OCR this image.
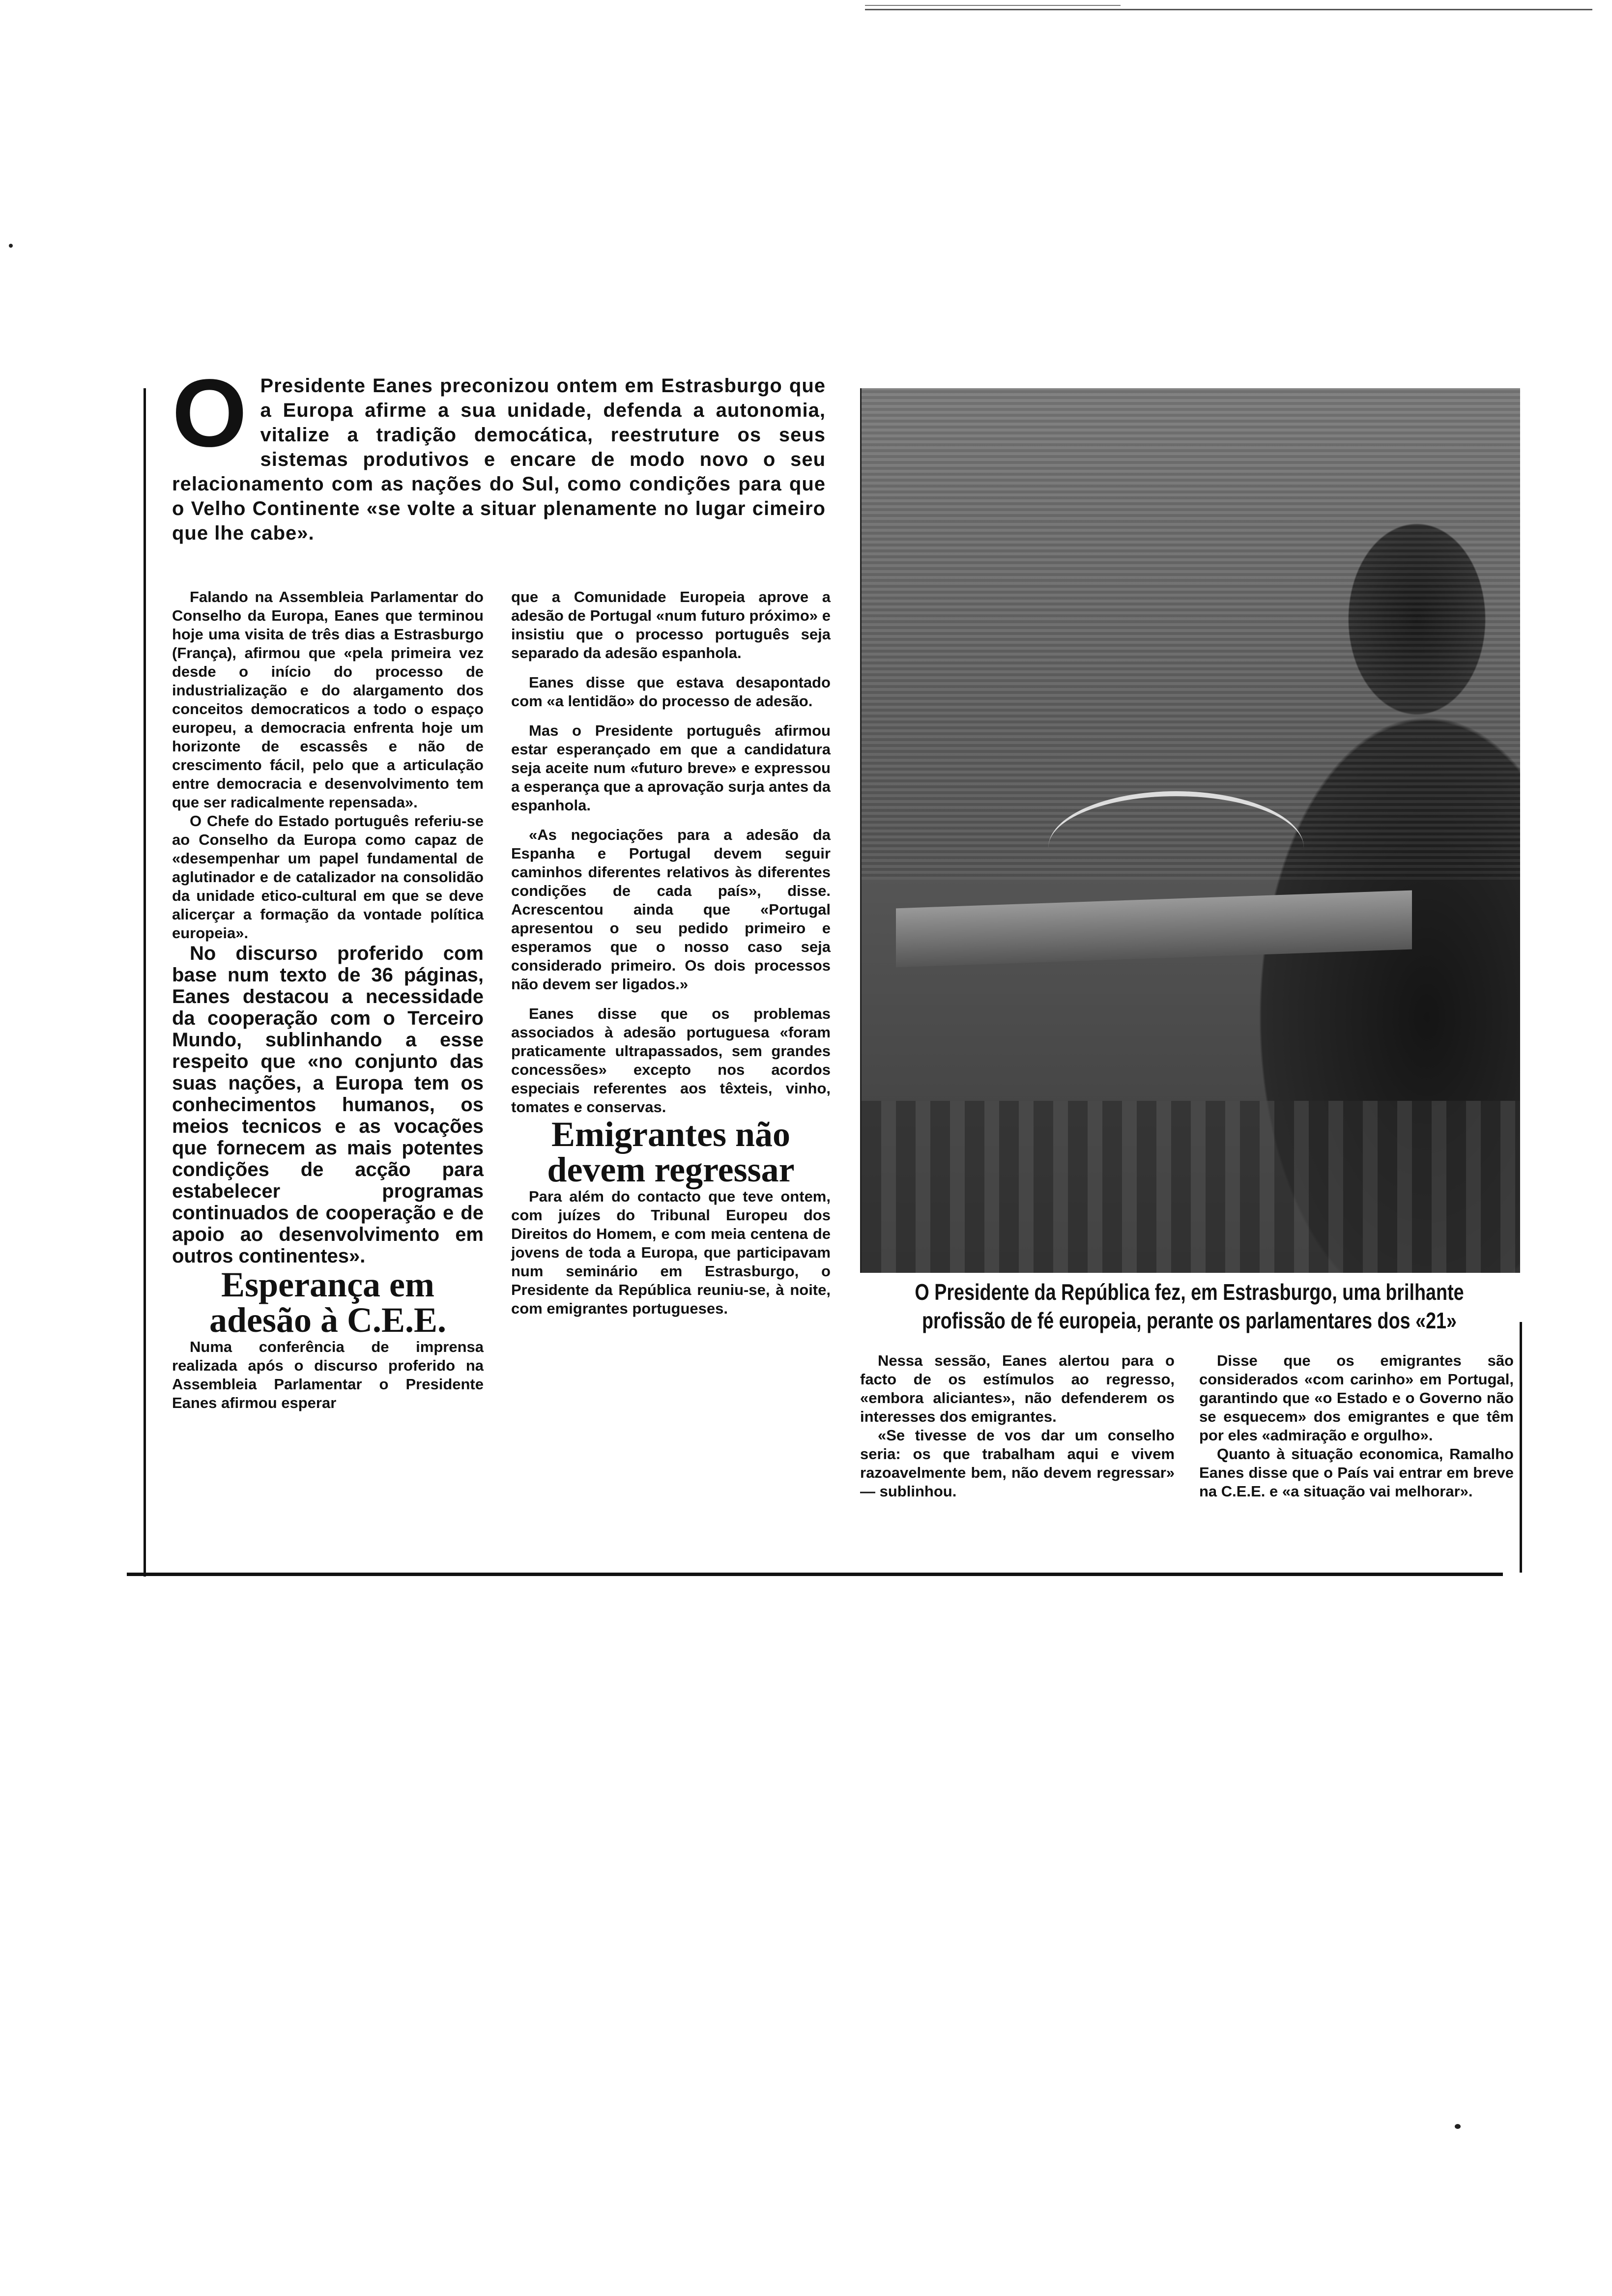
O Presidente Eanes preconizou ontem em Estrasburgo que a Europa afirme a sua unidade, defenda a autonomia, vitalize a tradição democática, reestruture os seus sistemas produtivos e encare de modo novo o seu relacionamento com as nações do Sul, como condições para que o Velho Continente «se volte a situar plenamente no lugar cimeiro que lhe cabe».

Falando na Assembleia Parlamentar do Conselho da Europa, Eanes que terminou hoje uma visita de três dias a Estrasburgo (França), afirmou que «pela primeira vez desde o início do processo de industrialização e do alargamento dos conceitos democraticos a todo o espaço europeu, a democracia enfrenta hoje um horizonte de escassês e não de crescimento fácil, pelo que a articulação entre democracia e desenvolvimento tem que ser radicalmente repensada».

O Chefe do Estado português referiu-se ao Conselho da Europa como capaz de «desempenhar um papel fundamental de aglutinador e de catalizador na consolidão da unidade etico-cultural em que se deve alicerçar a formação da vontade política europeia».

No discurso proferido com base num texto de 36 páginas, Eanes destacou a necessidade da cooperação com o Terceiro Mundo, sublinhando a esse respeito que «no conjunto das suas nações, a Europa tem os conhecimentos humanos, os meios tecnicos e as vocações que fornecem as mais potentes condições de acção para estabelecer programas continuados de cooperação e de apoio ao desenvolvimento em outros continentes».

Esperança em adesão à C.E.E.

Numa conferência de imprensa realizada após o discurso proferido na Assembleia Parlamentar o Presidente Eanes afirmou esperar

que a Comunidade Europeia aprove a adesão de Portugal «num futuro próximo» e insistiu que o processo português seja separado da adesão espanhola.

Eanes disse que estava desapontado com «a lentidão» do processo de adesão.

Mas o Presidente português afirmou estar esperançado em que a candidatura seja aceite num «futuro breve» e expressou a esperança que a aprovação surja antes da espanhola.

«As negociações para a adesão da Espanha e Portugal devem seguir caminhos diferentes relativos às diferentes condições de cada país», disse. Acrescentou ainda que «Portugal apresentou o seu pedido primeiro e esperamos que o nosso caso seja considerado primeiro. Os dois processos não devem ser ligados.»

Eanes disse que os problemas associados à adesão portuguesa «foram praticamente ultrapassados, sem grandes concessões» excepto nos acordos especiais referentes aos têxteis, vinho, tomates e conservas.

Emigrantes não devem regressar

Para além do contacto que teve ontem, com juízes do Tribunal Europeu dos Direitos do Homem, e com meia centena de jovens de toda a Europa, que participavam num seminário em Estrasburgo, o Presidente da República reuniu-se, à noite, com emigrantes portugueses.

O Presidente da República fez, em Estrasburgo, uma brilhante profissão de fé europeia, perante os parlamentares dos «21»

Nessa sessão, Eanes alertou para o facto de os estímulos ao regresso, «embora aliciantes», não defenderem os interesses dos emigrantes.

«Se tivesse de vos dar um conselho seria: os que trabalham aqui e vivem razoavelmente bem, não devem regressar» — sublinhou.

Disse que os emigrantes são considerados «com carinho» em Portugal, garantindo que «o Estado e o Governo não se esquecem» dos emigrantes e que têm por eles «admiração e orgulho».

Quanto à situação economica, Ramalho Eanes disse que o País vai entrar em breve na C.E.E. e «a situação vai melhorar».
